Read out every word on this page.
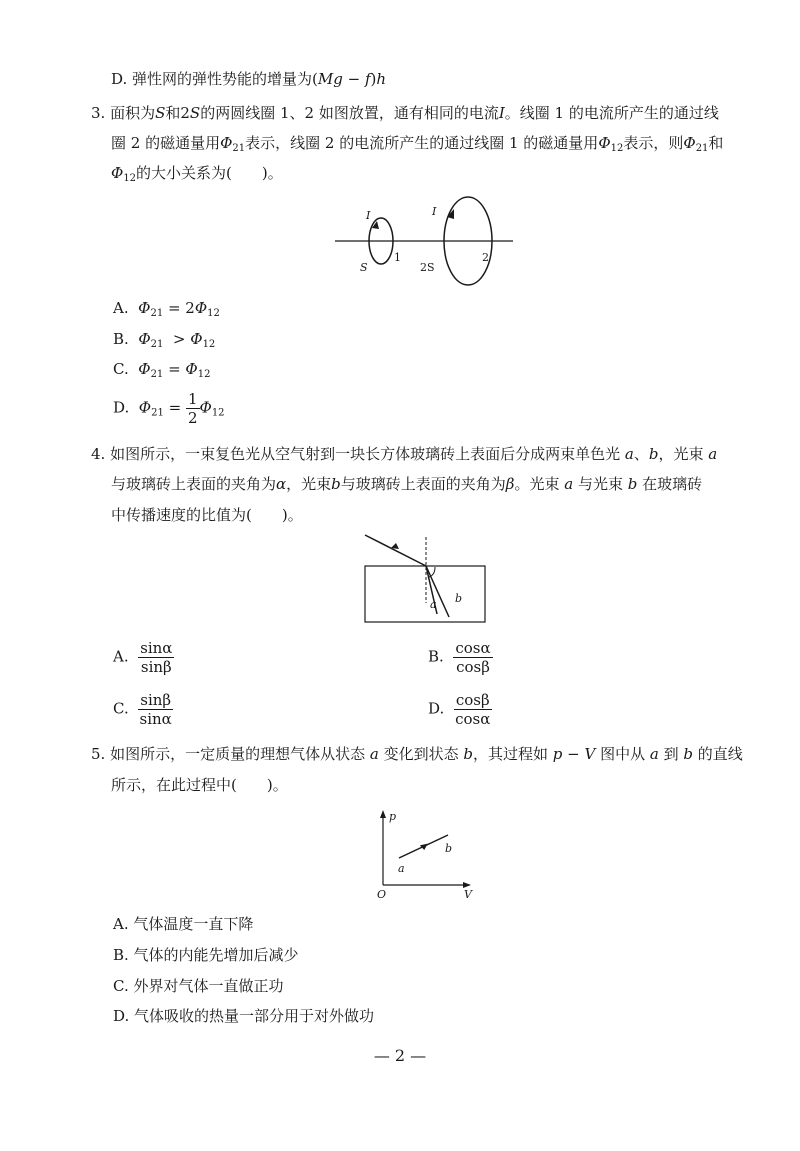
D. 弹性网的弹性势能的增量为(Mg − f)h
3. 面积为S和2S的两圆线圈 1、2 如图放置，通有相同的电流I。线圈 1 的电流所产生的通过线
圈 2 的磁通量用$\Phi_{21}$表示，线圈 2 的电流所产生的通过线圈 1 的磁通量用$\Phi_{12}$表示，则$\Phi_{21}$和
$\Phi_{12}$的大小关系为(　　)。
I	I
S
1
2S
2
A.  $\Phi_{21} = 2\Phi_{12}$
B.  $\Phi_{21} > \Phi_{12}$
C.  $\Phi_{21} = \Phi_{12}$
D.  $\Phi_{21} = \frac{1}{2} \Phi_{12}$
4. 如图所示，一束复色光从空气射到一块长方体玻璃砖上表面后分成两束单色光 a、b，光束 a
与玻璃砖上表面的夹角为α，光束b与玻璃砖上表面的夹角为β。光束 a 与光束 b 在玻璃砖
中传播速度的比值为(　　)。
a b
A. $\frac{\sin\alpha}{\sin\beta}$	B. $\frac{\cos\alpha}{\cos\beta}$
C. $\frac{\sin\beta}{\sin\alpha}$	D. $\frac{\cos\beta}{\cos\alpha}$
5. 如图所示，一定质量的理想气体从状态 a 变化到状态 b，其过程如 p − V 图中从 a 到 b 的直线
所示，在此过程中(　　)。
p
V
O
a
b
A. 气体温度一直下降
B. 气体的内能先增加后减少
C. 外界对气体一直做正功
D. 气体吸收的热量一部分用于对外做功
— 2 —
